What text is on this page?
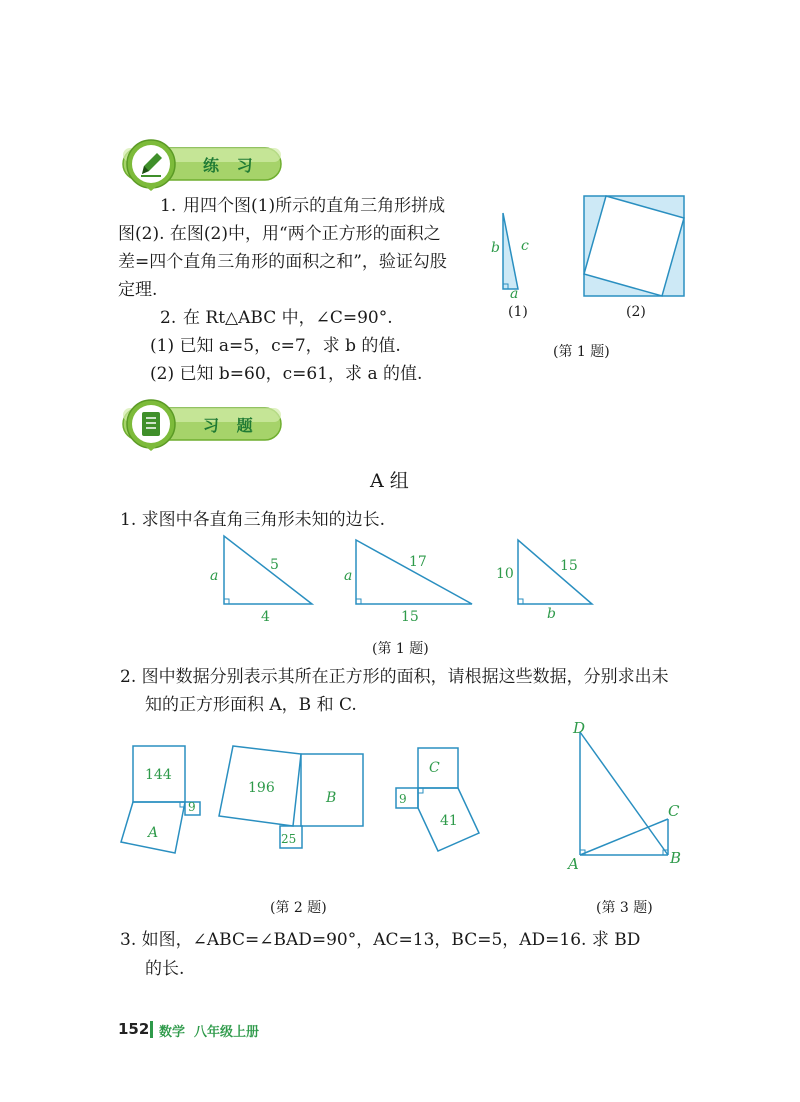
练 习
1. 用四个图(1)所示的直角三角形拼成
图(2). 在图(2)中，用“两个正方形的面积之
差=四个直角三角形的面积之和”，验证勾股
定理.
2. 在 Rt△ABC 中，∠C=90°.
(1) 已知 a=5，c=7，求 b 的值.
(2) 已知 b=60，c=61，求 a 的值.
b c
a
(1)	(2)
(第 1 题)
习 题
A 组
1. 求图中各直角三角形未知的边长.
a
5
4
a
17
15
10	15
b
(第 1 题)
2. 图中数据分别表示其所在正方形的面积，请根据这些数据，分别求出未
知的正方形面积 A，B 和 C.
144
9
A
196
25
B
C
9
41
D
C
A	B
(第 2 题)	(第 3 题)
3. 如图，∠ABC=∠BAD=90°，AC=13，BC=5，AD=16. 求 BD
的长.
152 数学  八年级上册
